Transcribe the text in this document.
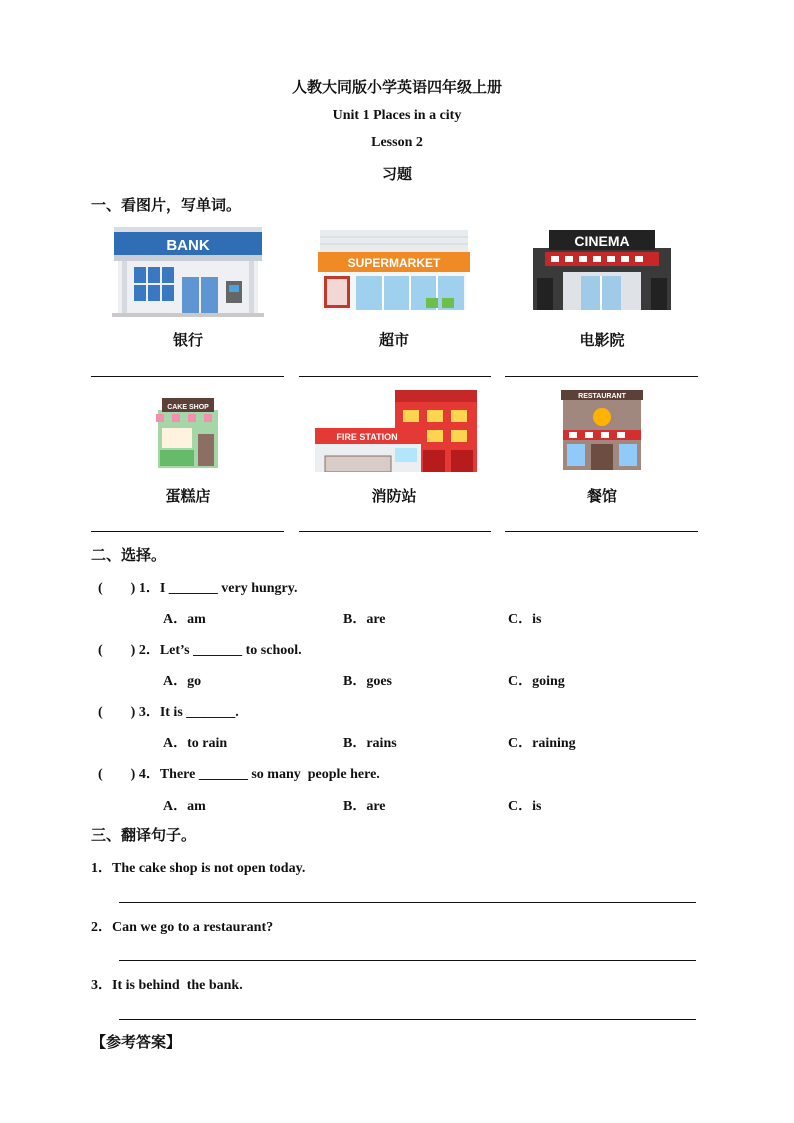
人教大同版小学英语四年级上册
Unit 1 Places in a city
Lesson 2
习题
一、看图片，写单词。
BANK
SUPERMARKET
CINEMA
银行	超市	电影院
CAKE SHOP
FIRE STATION
RESTAURANT
蛋糕店	消防站	餐馆
二、选择。
(        ) 1．I _______ very hungry.
A．am	B．are	C．is
(        ) 2．Let’s _______ to school.
A．go	B．goes	C．going
(        ) 3．It is _______.
A．to rain	B．rains	C．raining
(        ) 4．There _______ so many  people here.
A．am	B．are	C．is
三、翻译句子。
1．The cake shop is not open today.
2．Can we go to a restaurant?
3．It is behind  the bank.
【参考答案】
